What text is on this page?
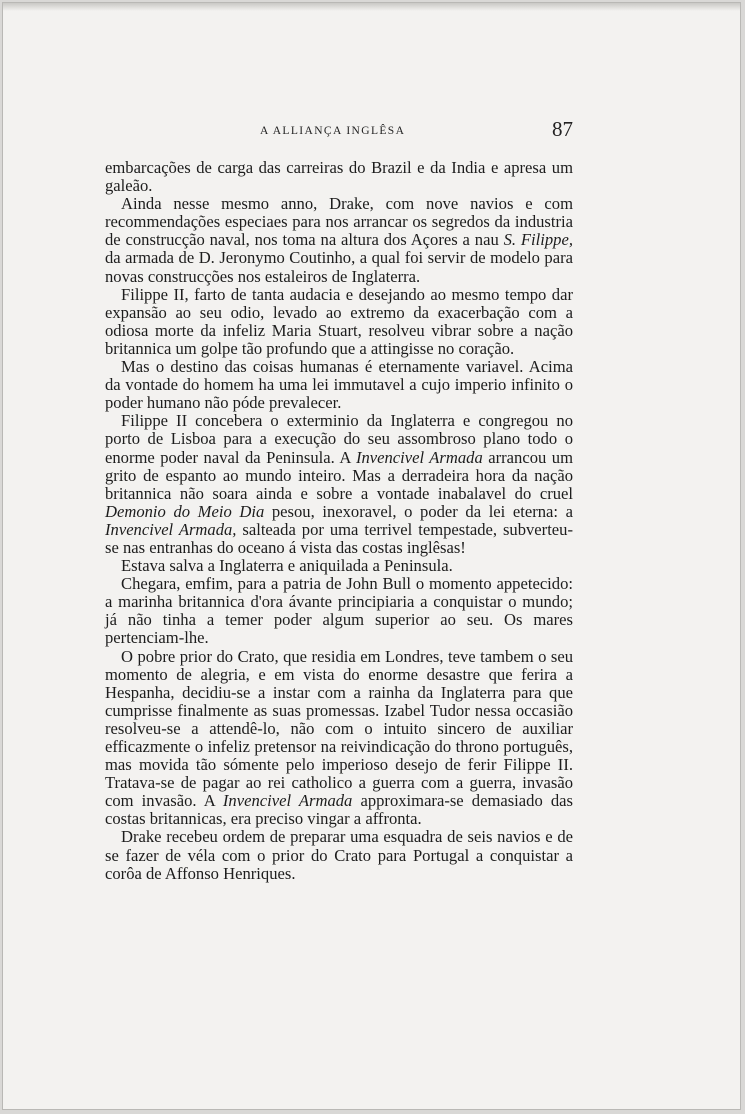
A ALLIANÇA INGLÊSA	87

embarcações de carga das carreiras do Brazil e da India e apresa um galeão.

Ainda nesse mesmo anno, Drake, com nove navios e com recommendações especiaes para nos arrancar os segredos da industria de construcção naval, nos toma na altura dos Açores a nau S. Filippe, da armada de D. Jeronymo Coutinho, a qual foi servir de modelo para novas construcções nos estaleiros de Inglaterra.

Filippe II, farto de tanta audacia e desejando ao mesmo tempo dar expansão ao seu odio, levado ao extremo da exacerbação com a odiosa morte da infeliz Maria Stuart, resolveu vibrar sobre a nação britannica um golpe tão profundo que a attingisse no coração.

Mas o destino das coisas humanas é eternamente variavel. Acima da vontade do homem ha uma lei immutavel a cujo imperio infinito o poder humano não póde prevalecer.

Filippe II concebera o exterminio da Inglaterra e congregou no porto de Lisboa para a execução do seu assombroso plano todo o enorme poder naval da Peninsula. A Invencivel Armada arrancou um grito de espanto ao mundo inteiro. Mas a derradeira hora da nação britannica não soara ainda e sobre a vontade inabalavel do cruel Demonio do Meio Dia pesou, inexoravel, o poder da lei eterna: a Invencivel Armada, salteada por uma terrivel tempestade, subverteu-se nas entranhas do oceano á vista das costas inglêsas!

Estava salva a Inglaterra e aniquilada a Peninsula.

Chegara, emfim, para a patria de John Bull o momento appetecido: a marinha britannica d'ora ávante principiaria a conquistar o mundo; já não tinha a temer poder algum superior ao seu. Os mares pertenciam-lhe.

O pobre prior do Crato, que residia em Londres, teve tambem o seu momento de alegria, e em vista do enorme desastre que ferira a Hespanha, decidiu-se a instar com a rainha da Inglaterra para que cumprisse finalmente as suas promessas. Izabel Tudor nessa occasião resolveu-se a attendê-lo, não com o intuito sincero de auxiliar efficazmente o infeliz pretensor na reivindicação do throno português, mas movida tão sómente pelo imperioso desejo de ferir Filippe II. Tratava-se de pagar ao rei catholico a guerra com a guerra, invasão com invasão. A Invencivel Armada approximara-se demasiado das costas britannicas, era preciso vingar a affronta.

Drake recebeu ordem de preparar uma esquadra de seis navios e de se fazer de véla com o prior do Crato para Portugal a conquistar a corôa de Affonso Henriques.
